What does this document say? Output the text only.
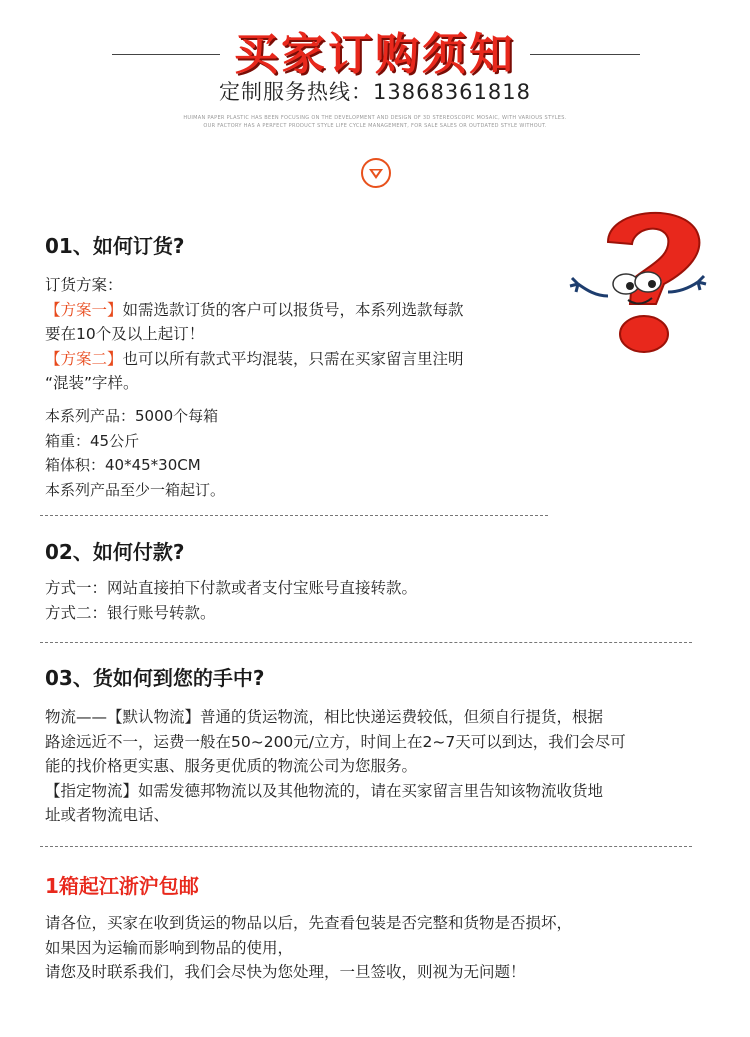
买家订购须知
定制服务热线：13868361818
HUIMAN PAPER PLASTIC HAS BEEN FOCUSING ON THE DEVELOPMENT AND DESIGN OF 3D STEREOSCOPIC MOSAIC, WITH VARIOUS STYLES.
OUR FACTORY HAS A PERFECT PRODUCT STYLE LIFE CYCLE MANAGEMENT, FOR SALE SALES OR OUTDATED STYLE WITHOUT.
01、如何订货?
订货方案：
【方案一】如需选款订货的客户可以报货号，本系列选款每款
要在10个及以上起订！
【方案二】也可以所有款式平均混装，只需在买家留言里注明
“混装”字样。
本系列产品：5000个每箱
箱重：45公斤
箱体积：40*45*30CM
本系列产品至少一箱起订。
02、如何付款?
方式一：网站直接拍下付款或者支付宝账号直接转款。
方式二：银行账号转款。
03、货如何到您的手中?
物流——【默认物流】普通的货运物流，相比快递运费较低，但须自行提货，根据
路途远近不一，运费一般在50~200元/立方，时间上在2~7天可以到达，我们会尽可
能的找价格更实惠、服务更优质的物流公司为您服务。
【指定物流】如需发德邦物流以及其他物流的，请在买家留言里告知该物流收货地
址或者物流电话、
1箱起江浙沪包邮
请各位，买家在收到货运的物品以后，先查看包装是否完整和货物是否损坏，
如果因为运输而影响到物品的使用，
请您及时联系我们，我们会尽快为您处理，一旦签收，则视为无问题！
